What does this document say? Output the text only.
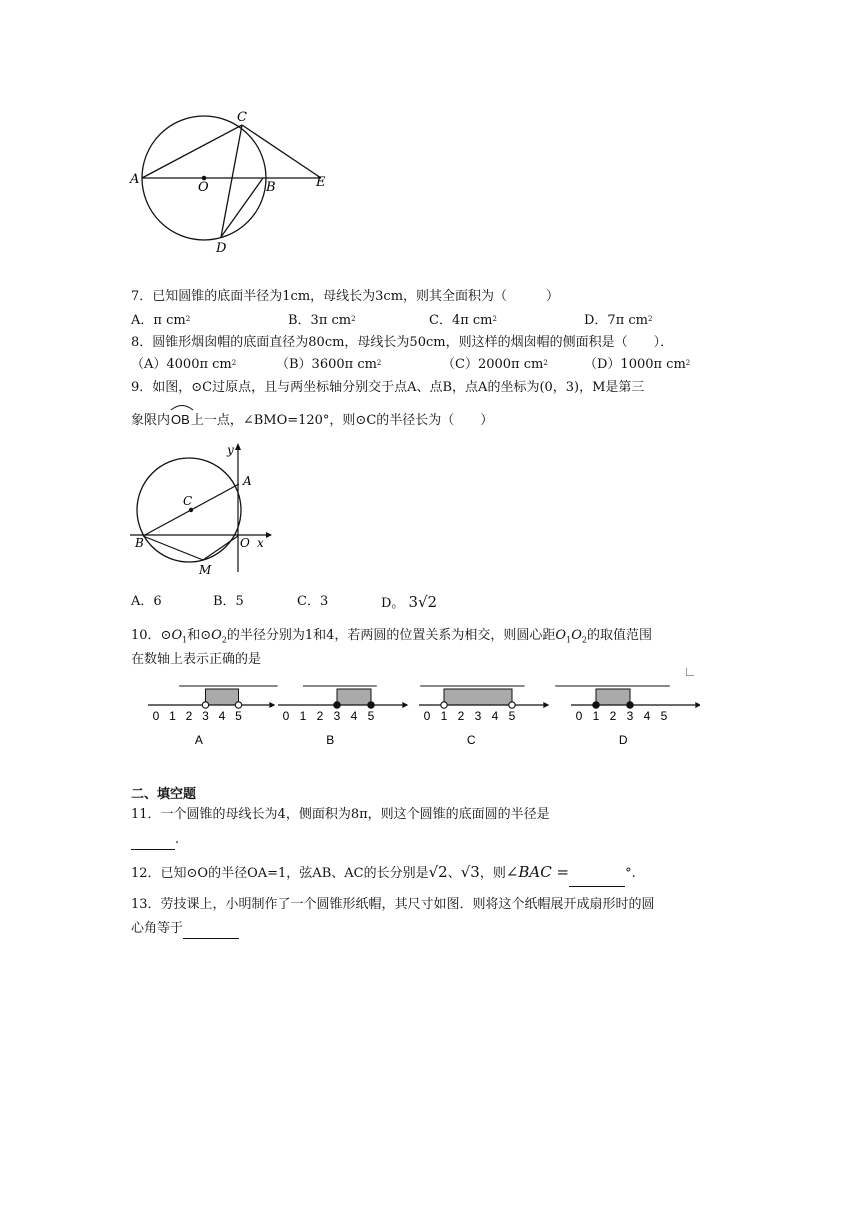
A
O	B	E
C
D
7．已知圆锥的底面半径为1cm，母线长为3cm，则其全面积为（　　　）
A．π $cm^2$	B．3π $cm^2$	C．4π $cm^2$	D．7π $cm^2$
8．圆锥形烟囱帽的底面直径为80cm，母线长为50cm，则这样的烟囱帽的侧面积是（　　）．
（A）4000π $cm^2$	（B）3600π $cm^2$	（C）2000π $cm^2$	（D）1000π $cm^2$
9．如图，⊙C过原点，且与两坐标轴分别交于点A、点B，点A的坐标为(0，3)，M是第三
象限内
OB上一点，∠BMO=120°，则⊙C的半径长为（　　）
y
x
A
C
B	O
M
A．6	B．5	C．3	D。 3√2
10．$⊙O_1$和$⊙O_2$的半径分别为1和4，若两圆的位置关系为相交，则圆心距$O_1O_2$的取值范围
在数轴上表示正确的是
0 1 2 3 4 5
A
0 1 2 3 4 5
B
0 1 2 3 4 5
C
0 1 2 3 4 5
D
二、填空题
11．一个圆锥的母线长为4，侧面积为8π，则这个圆锥的底面圆的半径是
.
12．已知⊙O的半径OA=1，弦AB、AC的长分别是√2、√3，则∠BAC =	°.
13．劳技课上，小明制作了一个圆锥形纸帽，其尺寸如图．则将这个纸帽展开成扇形时的圆
心角等于
